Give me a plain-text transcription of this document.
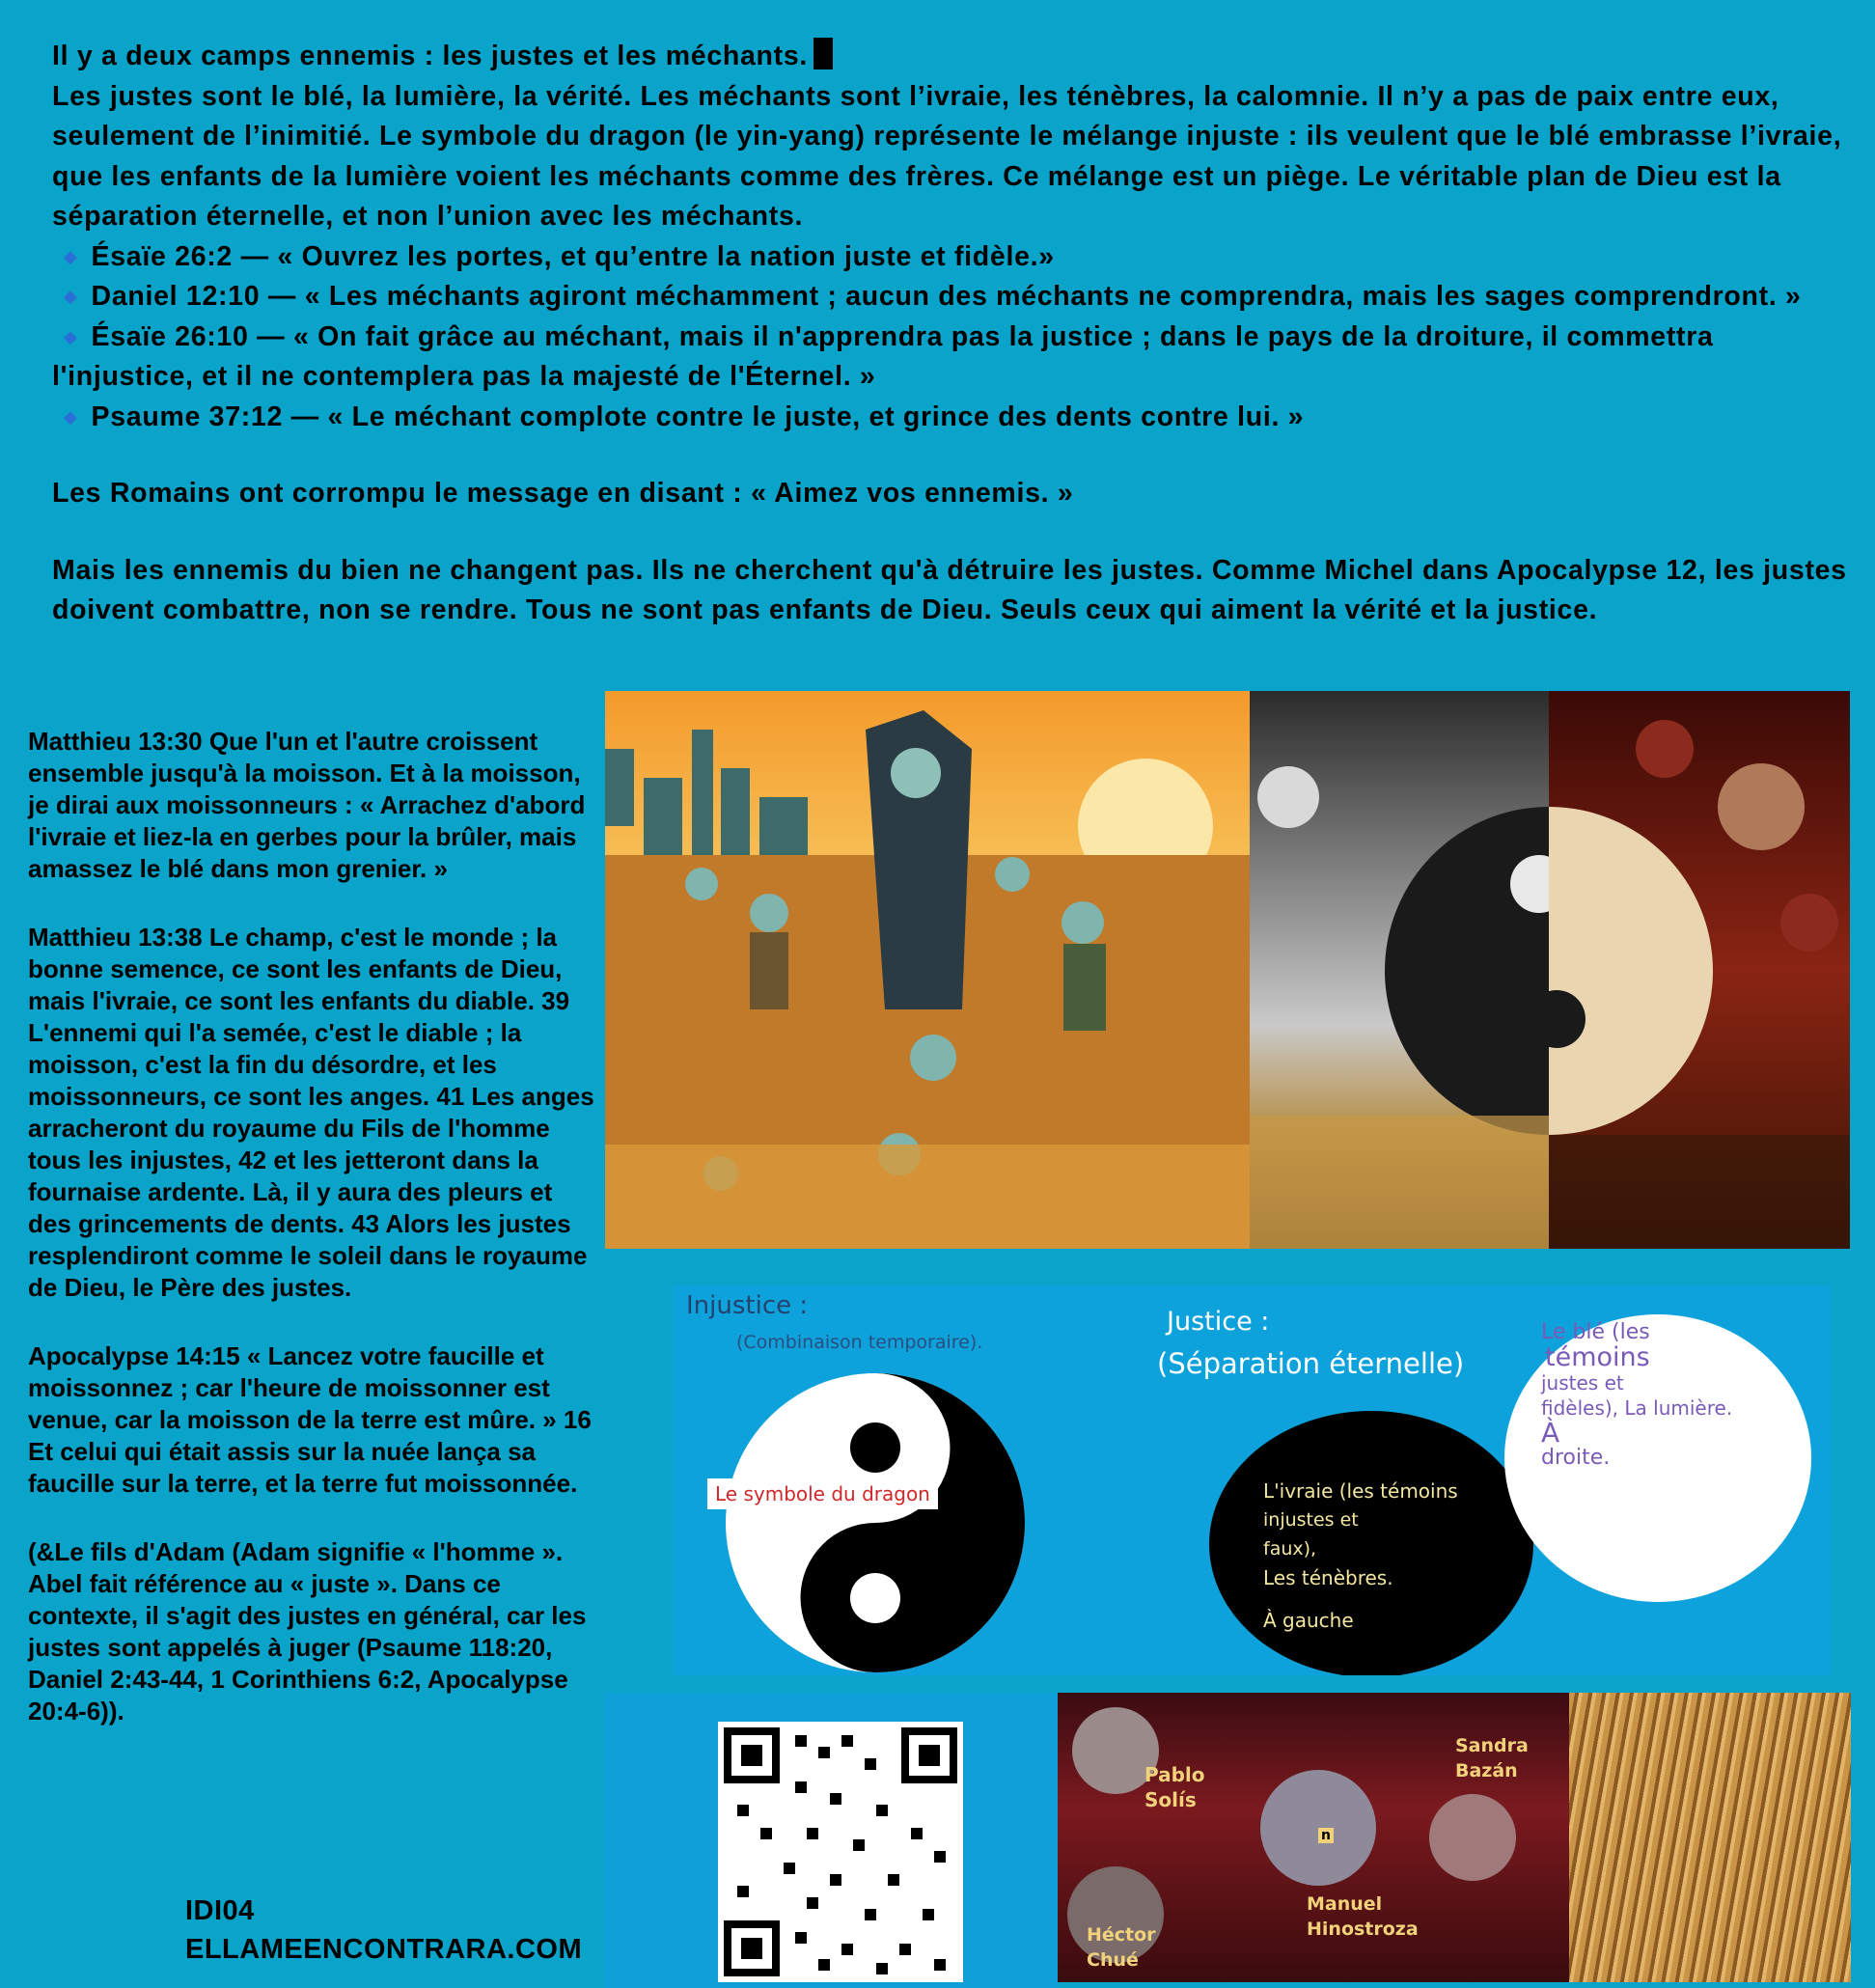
Il y a deux camps ennemis : les justes et les méchants.

Les justes sont le blé, la lumière, la vérité. Les méchants sont l’ivraie, les ténèbres, la calomnie. Il n’y a pas de paix entre eux, seulement de l’inimitié. Le symbole du dragon (le yin-yang) représente le mélange injuste : ils veulent que le blé embrasse l’ivraie, que les enfants de la lumière voient les méchants comme des frères. Ce mélange est un piège. Le véritable plan de Dieu est la séparation éternelle, et non l’union avec les méchants.

◆ Ésaïe 26:2 — « Ouvrez les portes, et qu’entre la nation juste et fidèle.»

◆ Daniel 12:10 — « Les méchants agiront méchamment ; aucun des méchants ne comprendra, mais les sages comprendront. » ◆ Ésaïe 26:10 — « On fait grâce au méchant, mais il n'apprendra pas la justice ; dans le pays de la droiture, il commettra l'injustice, et il ne contemplera pas la majesté de l'Éternel. »

◆ Psaume 37:12 — « Le méchant complote contre le juste, et grince des dents contre lui. »

Les Romains ont corrompu le message en disant : « Aimez vos ennemis. »

Mais les ennemis du bien ne changent pas. Ils ne cherchent qu'à détruire les justes. Comme Michel dans Apocalypse 12, les justes doivent combattre, non se rendre. Tous ne sont pas enfants de Dieu. Seuls ceux qui aiment la vérité et la justice.

Matthieu 13:30 Que l'un et l'autre croissent ensemble jusqu'à la moisson. Et à la moisson, je dirai aux moissonneurs : « Arrachez d'abord l'ivraie et liez-la en gerbes pour la brûler, mais amassez le blé dans mon grenier. »

Matthieu 13:38 Le champ, c'est le monde ; la bonne semence, ce sont les enfants de Dieu, mais l'ivraie, ce sont les enfants du diable. 39 L'ennemi qui l'a semée, c'est le diable ; la moisson, c'est la fin du désordre, et les moissonneurs, ce sont les anges. 41 Les anges arracheront du royaume du Fils de l'homme tous les injustes, 42 et les jetteront dans la fournaise ardente. Là, il y aura des pleurs et des grincements de dents. 43 Alors les justes resplendiront comme le soleil dans le royaume de Dieu, le Père des justes.

Apocalypse 14:15 « Lancez votre faucille et moissonnez ; car l'heure de moissonner est venue, car la moisson de la terre est mûre. » 16 Et celui qui était assis sur la nuée lança sa faucille sur la terre, et la terre fut moissonnée.

(&Le fils d'Adam (Adam signifie « l'homme ». Abel fait référence au « juste ». Dans ce contexte, il s'agit des justes en général, car les justes sont appelés à juger (Psaume 118:20, Daniel 2:43-44, 1 Corinthiens 6:2, Apocalypse 20:4-6)).

IDI04
ELLAMEENCONTRARA.COM
Injustice :
(Combinaison temporaire).
Le symbole du dragon
Justice :
(Séparation éternelle)
L'ivraie (les témoins
injustes et
faux),
Les ténèbres.
À gauche
Le blé (les
témoins
justes et
fidèles), La lumière.
À
droite.
Pablo
Solís
Sandra
Bazán
n
Manuel
Hinostroza
Héctor
Chué
